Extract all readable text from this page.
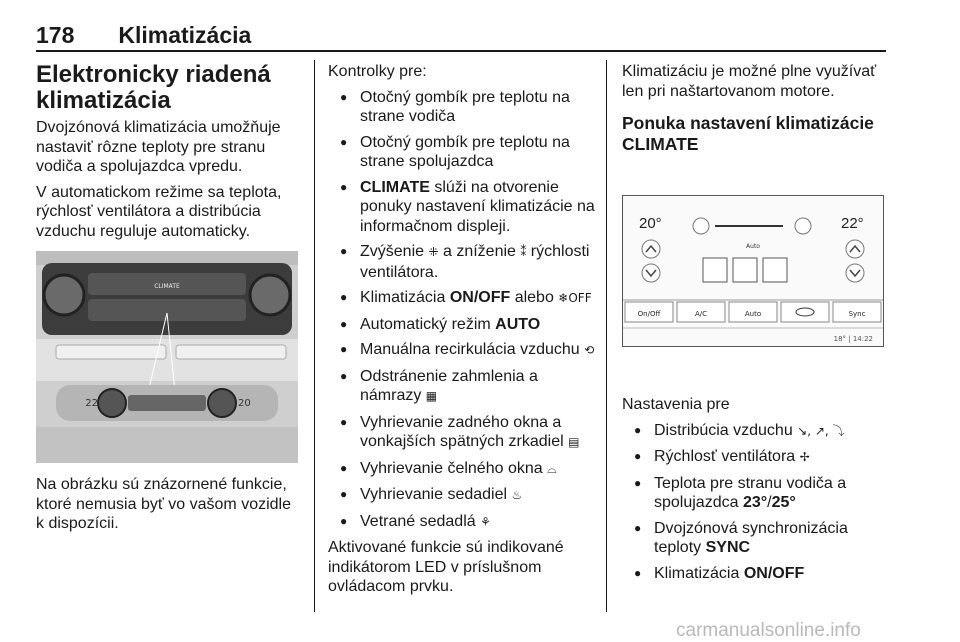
178 Klimatizácia
Elektronicky riadená klimatizácia

Dvojzónová klimatizácia umožňuje nastaviť rôzne teploty pre stranu vodiča a spolujazdca vpredu.

V automatickom režime sa teplota, rýchlosť ventilátora a distribúcia vzduchu reguluje automaticky.

CLIMATE
22	20

Na obrázku sú znázornené funkcie, ktoré nemusia byť vo vašom vozidle k dispozícii.

Kontrolky pre:

● Otočný gombík pre teplotu na strane vodiča
● Otočný gombík pre teplotu na strane spolujazdca
● CLIMATE slúži na otvorenie ponuky nastavení klimatizácie na informačnom displeji.
● Zvýšenie ⁜ a zníženie ⁑ rýchlosti ventilátora.
● Klimatizácia ON/OFF alebo ❄OFF
● Automatický režim AUTO
● Manuálna recirkulácia vzduchu ⟲
● Odstránenie zahmlenia a námrazy ▦
● Vyhrievanie zadného okna a vonkajších spätných zrkadiel ▤
● Vyhrievanie čelného okna ⌓
● Vyhrievanie sedadiel ♨
● Vetrané sedadlá ⚘

Aktivované funkcie sú indikované indikátorom LED v príslušnom ovládacom prvku.

Klimatizáciu je možné plne využívať len pri naštartovanom motore.

Ponuka nastavení klimatizácie CLIMATE
20°	22°
Auto
On/Off	A/C	Auto	Sync
18° | 14:22

Nastavenia pre

● Distribúcia vzduchu ↘, ↗, ⤵
● Rýchlosť ventilátora ✢
● Teplota pre stranu vodiča a spolujazdca 23°/25°
● Dvojzónová synchronizácia teploty SYNC
● Klimatizácia ON/OFF
carmanualsonline.info
